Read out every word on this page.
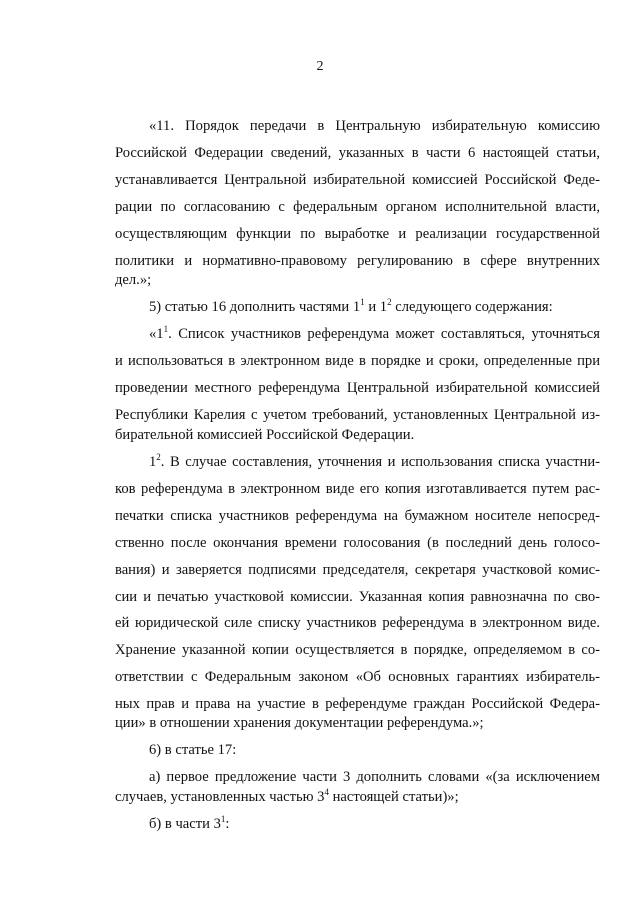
2
«11. Порядок передачи в Центральную избирательную комиссию
Российской Федерации сведений, указанных в части 6 настоящей статьи,
устанавливается Центральной избирательной комиссией Российской Феде-
рации по согласованию с федеральным органом исполнительной власти,
осуществляющим функции по выработке и реализации государственной
политики и нормативно-правовому регулированию в сфере внутренних
дел.»;
5) статью 16 дополнить частями $1^1$ и $1^2$ следующего содержания:
«$1^1$. Список участников референдума может составляться, уточняться
и использоваться в электронном виде в порядке и сроки, определенные при
проведении местного референдума Центральной избирательной комиссией
Республики Карелия с учетом требований, установленных Центральной из-
бирательной комиссией Российской Федерации.
$1^2$. В случае составления, уточнения и использования списка участни-
ков референдума в электронном виде его копия изготавливается путем рас-
печатки списка участников референдума на бумажном носителе непосред-
ственно после окончания времени голосования (в последний день голосо-
вания) и заверяется подписями председателя, секретаря участковой комис-
сии и печатью участковой комиссии. Указанная копия равнозначна по сво-
ей юридической силе списку участников референдума в электронном виде.
Хранение указанной копии осуществляется в порядке, определяемом в со-
ответствии с Федеральным законом «Об основных гарантиях избиратель-
ных прав и права на участие в референдуме граждан Российской Федера-
ции» в отношении хранения документации референдума.»;
6) в статье 17:
а) первое предложение части 3 дополнить словами «(за исключением
случаев, установленных частью $3^4$ настоящей статьи)»;
б) в части $3^1$:
